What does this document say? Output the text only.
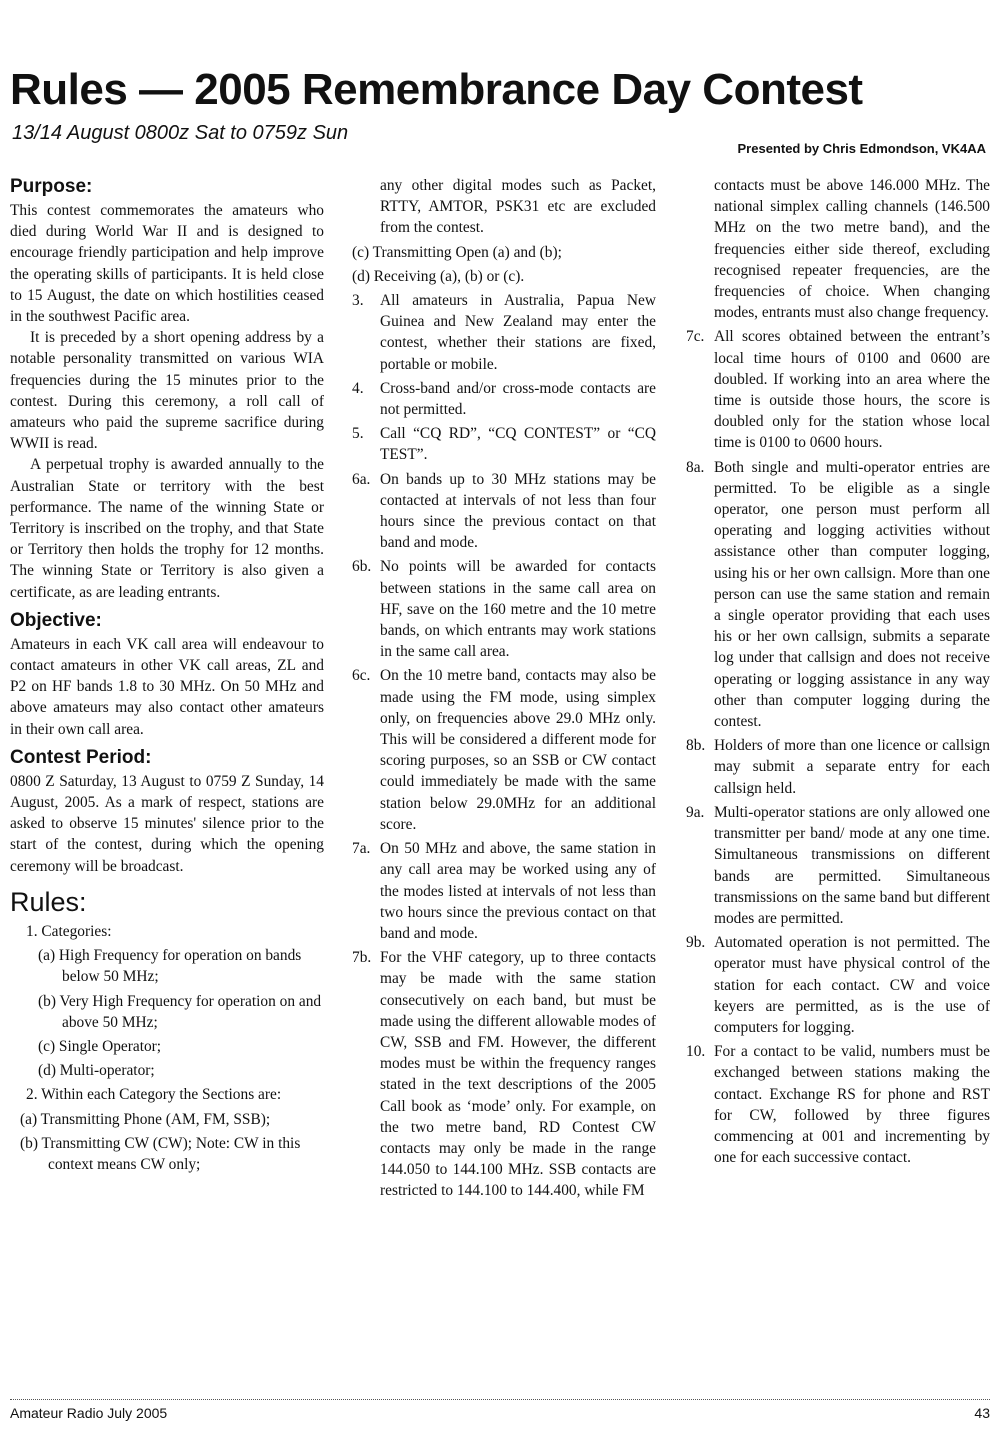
Rules — 2005 Remembrance Day Contest
13/14 August 0800z Sat to 0759z Sun
Presented by Chris Edmondson, VK4AA
Purpose:

This contest commemorates the amateurs who died during World War II and is designed to encourage friendly participation and help improve the operating skills of participants. It is held close to 15 August, the date on which hostilities ceased in the southwest Pacific area.

It is preceded by a short opening address by a notable personality transmitted on various WIA frequencies during the 15 minutes prior to the contest. During this ceremony, a roll call of amateurs who paid the supreme sacrifice during WWII is read.

A perpetual trophy is awarded annually to the Australian State or territory with the best performance. The name of the winning State or Territory is inscribed on the trophy, and that State or Territory then holds the trophy for 12 months. The winning State or Territory is also given a certificate, as are leading entrants.

Objective:

Amateurs in each VK call area will endeavour to contact amateurs in other VK call areas, ZL and P2 on HF bands 1.8 to 30 MHz. On 50 MHz and above amateurs may also contact other amateurs in their own call area.

Contest Period:

0800 Z Saturday, 13 August to 0759 Z Sunday, 14 August, 2005. As a mark of respect, stations are asked to observe 15 minutes' silence prior to the start of the contest, during which the opening ceremony will be broadcast.

Rules:
1. Categories:
(a) High Frequency for operation on bands below 50 MHz;
(b) Very High Frequency for operation on and above 50 MHz;
(c) Single Operator;
(d) Multi-operator;
2. Within each Category the Sections are:
(a) Transmitting Phone (AM, FM, SSB);
(b) Transmitting CW (CW); Note: CW in this context means CW only;

any other digital modes such as Packet, RTTY, AMTOR, PSK31 etc are excluded from the contest.

(c) Transmitting Open (a) and (b);
(d) Receiving (a), (b) or (c).
3. All amateurs in Australia, Papua New Guinea and New Zealand may enter the contest, whether their stations are fixed, portable or mobile.
4. Cross-band and/or cross-mode contacts are not permitted.
5. Call “CQ RD”, “CQ CONTEST” or “CQ TEST”.
6a. On bands up to 30 MHz stations may be contacted at intervals of not less than four hours since the previous contact on that band and mode.
6b. No points will be awarded for contacts between stations in the same call area on HF, save on the 160 metre and the 10 metre bands, on which entrants may work stations in the same call area.
6c. On the 10 metre band, contacts may also be made using the FM mode, using simplex only, on frequencies above 29.0 MHz only. This will be considered a different mode for scoring purposes, so an SSB or CW contact could immediately be made with the same station below 29.0MHz for an additional score.
7a. On 50 MHz and above, the same station in any call area may be worked using any of the modes listed at intervals of not less than two hours since the previous contact on that band and mode.
7b. For the VHF category, up to three contacts may be made with the same station consecutively on each band, but must be made using the different allowable modes of CW, SSB and FM. However, the different modes must be within the frequency ranges stated in the text descriptions of the 2005 Call book as ‘mode’ only. For example, on the two metre band, RD Contest CW contacts may only be made in the range 144.050 to 144.100 MHz. SSB contacts are restricted to 144.100 to 144.400, while FM

contacts must be above 146.000 MHz. The national simplex calling channels (146.500 MHz on the two metre band), and the frequencies either side thereof, excluding recognised repeater frequencies, are the frequencies of choice. When changing modes, entrants must also change frequency.

7c. All scores obtained between the entrant’s local time hours of 0100 and 0600 are doubled. If working into an area where the time is outside those hours, the score is doubled only for the station whose local time is 0100 to 0600 hours.
8a. Both single and multi-operator entries are permitted. To be eligible as a single operator, one person must perform all operating and logging activities without assistance other than computer logging, using his or her own callsign. More than one person can use the same station and remain a single operator providing that each uses his or her own callsign, submits a separate log under that callsign and does not receive operating or logging assistance in any way other than computer logging during the contest.
8b. Holders of more than one licence or callsign may submit a separate entry for each callsign held.
9a. Multi-operator stations are only allowed one transmitter per band/ mode at any one time. Simultaneous transmissions on different bands are permitted. Simultaneous transmissions on the same band but different modes are permitted.
9b. Automated operation is not permitted. The operator must have physical control of the station for each contact. CW and voice keyers are permitted, as is the use of computers for logging.
10. For a contact to be valid, numbers must be exchanged between stations making the contact. Exchange RS for phone and RST for CW, followed by three figures commencing at 001 and incrementing by one for each successive contact.
Amateur Radio July 2005	43
